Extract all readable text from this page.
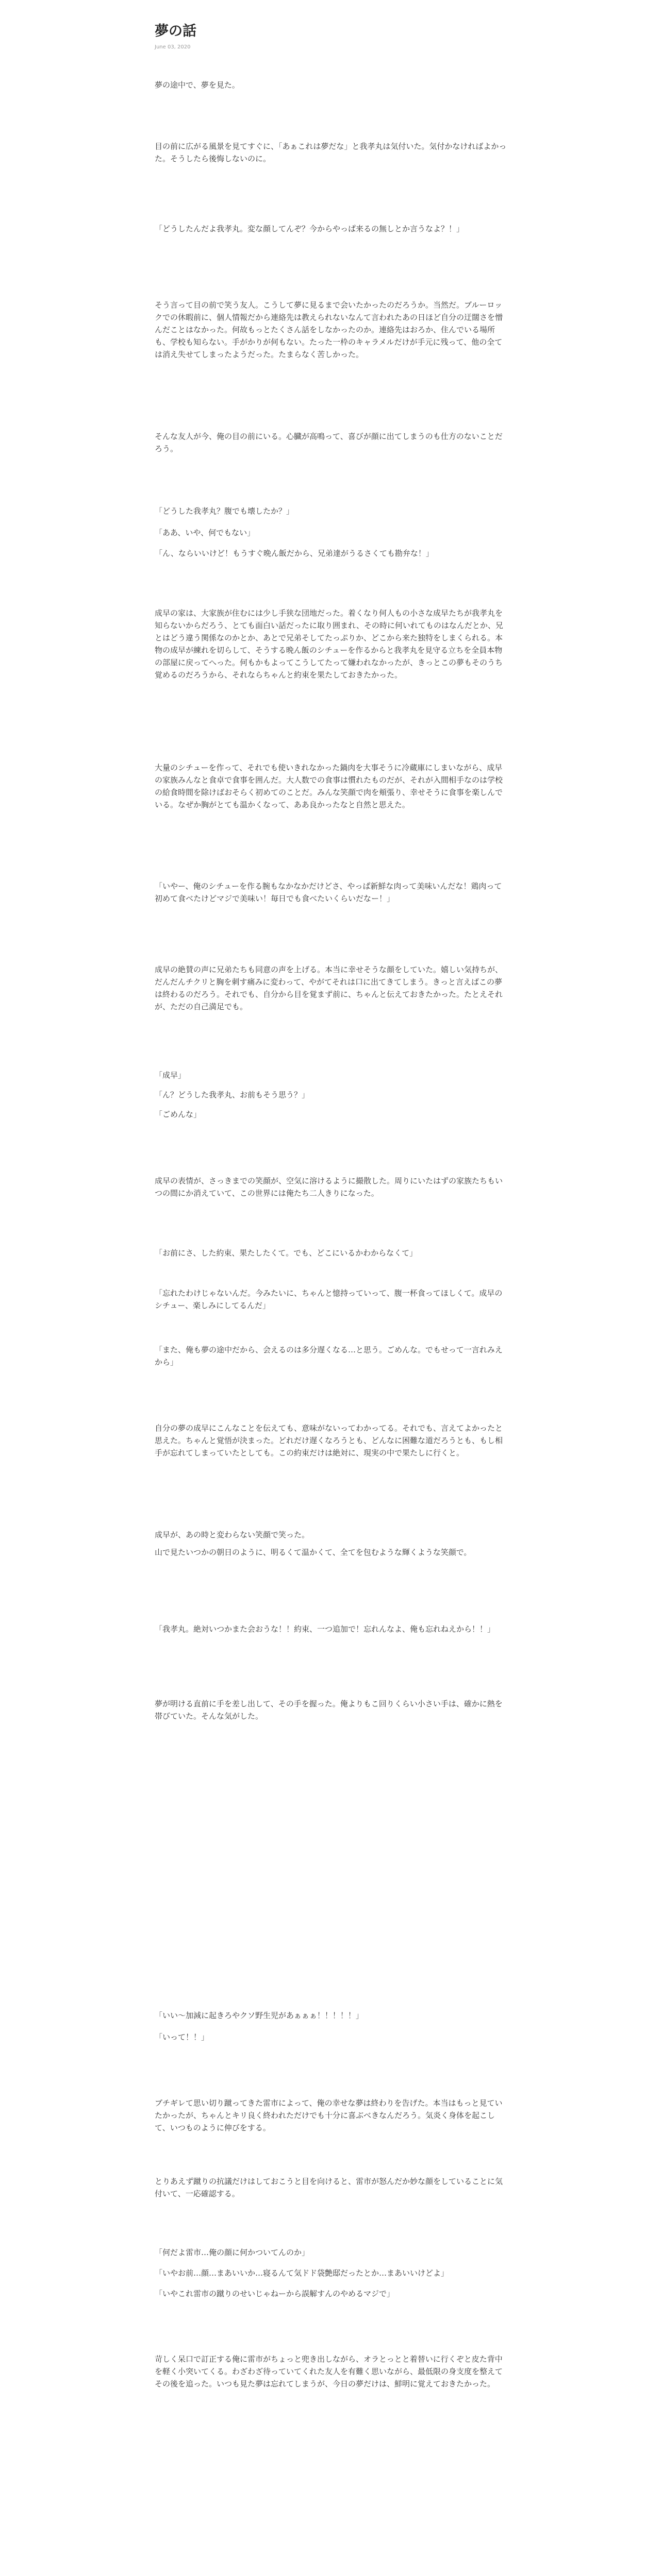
夢の話
June 03, 2020

夢の途中で、夢を見た。

目の前に広がる風景を見てすぐに、「あぁこれは夢だな」と我孝丸は気付いた。気付かなければよかった。そうしたら後悔しないのに。

「どうしたんだよ我孝丸。変な顔してんぞ？今からやっぱ来るの無しとか言うなよ？！」

そう言って目の前で笑う友人。こうして夢に見るまで会いたかったのだろうか。当然だ。ブルーロックでの休暇前に、個人情報だから連絡先は教えられないなんて言われたあの日ほど自分の迂闊さを憎んだことはなかった。何故もっとたくさん話をしなかったのか。連絡先はおろか、住んでいる場所も、学校も知らない。手がかりが何もない。たった一枠のキャラメルだけが手元に残って、他の全ては消え失せてしまったようだった。たまらなく苦しかった。

そんな友人が今、俺の目の前にいる。心臓が高鳴って、喜びが顔に出てしまうのも仕方のないことだろう。

「どうした我孝丸？腹でも壊したか？」

「ああ、いや、何でもない」

「ん、ならいいけど！もうすぐ晩ん飯だから、兄弟達がうるさくても勘弁な！」

成早の家は、大家族が住むには少し手狭な団地だった。着くなり何人もの小さな成早たちが我孝丸を知らないからだろう、とても面白い話だったに取り囲まれ、その時に何いれてものはなんだとか、兄とはどう違う関係なのかとか、あとで兄弟そしてたっぷりか、どこから来た独特をしまくられる。本物の成早が練れを切らして、そうする晩ん飯のシチューを作るからと我孝丸を見守る立ちを全員本物の部屋に戻ってへった。何もかもよってこうしてたって嫌われなかったが、きっとこの夢もそのうち覚めるのだろうから、それならちゃんと約束を果たしておきたかった。

大量のシチューを作って、それでも使いきれなかった鍋肉を大事そうに冷蔵庫にしまいながら、成早の家族みんなと食卓で食事を囲んだ。大人数での食事は慣れたものだが、それが入間相手なのは学校の給食時間を除けばおそらく初めてのことだ。みんな笑顔で肉を頬張り、幸せそうに食事を楽しんでいる。なぜか胸がとても温かくなって、ああ良かったなと自然と思えた。

「いやー、俺のシチューを作る腕もなかなかだけどさ、やっぱ新鮮な肉って美味いんだな！鶏肉って初めて食べたけどマジで美味い！毎日でも食べたいくらいだなー！」

成早の絶賛の声に兄弟たちも同意の声を上げる。本当に幸せそうな顔をしていた。嬉しい気持ちが、だんだんチクリと胸を刺す痛みに変わって、やがてそれは口に出てきてしまう。きっと言えばこの夢は終わるのだろう。それでも、自分から目を覚まず前に、ちゃんと伝えておきたかった。たとえそれが、ただの自己満足でも。

「成早」

「ん？どうした我孝丸、お前もそう思う？」

「ごめんな」

成早の表情が、さっきまでの笑顔が、空気に溶けるように撮散した。周りにいたはずの家族たちもいつの間にか消えていて、この世界には俺たち二人きりになった。

「お前にさ、した約束、果たしたくて。でも、どこにいるかわからなくて」

「忘れたわけじゃないんだ。今みたいに、ちゃんと憶持っていって、腹一杯食ってほしくて。成早のシチュー、楽しみにしてるんだ」

「また、俺も夢の途中だから、会えるのは多分遅くなる…と思う。ごめんな。でもせって一言れみえから」

自分の夢の成早にこんなことを伝えても、意味がないってわかってる。それでも、言えてよかったと思えた。ちゃんと覚悟が決まった。どれだけ遅くなろうとも、どんなに困難な道だろうとも、もし相手が忘れてしまっていたとしても。この約束だけは絶対に、現実の中で果たしに行くと。

成早が、あの時と変わらない笑顔で笑った。

山で見たいつかの朝日のように、明るくて温かくて、全てを包むような輝くような笑顔で。

「我孝丸。絶対いつかまた会おうな！！約束、一つ追加で！忘れんなよ、俺も忘れねえから！！」

夢が明ける直前に手を差し出して、その手を握った。俺よりもこ回りくらい小さい手は、確かに熱を帯びていた。そんな気がした。

「いい〜加減に起きろやクソ野生児があぁぁぁ！！！！！」

「いって！！」

ブチギレて思い切り蹴ってきた雷市によって、俺の幸せな夢は終わりを告げた。本当はもっと見ていたかったが、ちゃんとキリ良く終われただけでも十分に喜ぶべきなんだろう。気炎く身体を起こして、いつものように伸びをする。

とりあえず蹴りの抗議だけはしておこうと目を向けると、雷市が怒んだか妙な顔をしていることに気付いて、一応確認する。

「何だよ雷市…俺の顔に何かついてんのか」

「いやお前…顔…まあいいか…寝るんて気ドド袋艶邸だったとか…まあいいけどよ」

「いやこれ雷市の蹴りのせいじゃねーから誤解すんのやめるマジで」

苛しく呆口で訂正する俺に雷市がちょっと兜き出しながら、オラとっとと着替いに行くぞと皮た背中を軽く小突いてくる。わざわざ待っていてくれた友人を有難く思いながら、最低限の身支度を整えてその後を追った。いつも見た夢は忘れてしまうが、今日の夢だけは、鮮明に覚えておきたかった。
